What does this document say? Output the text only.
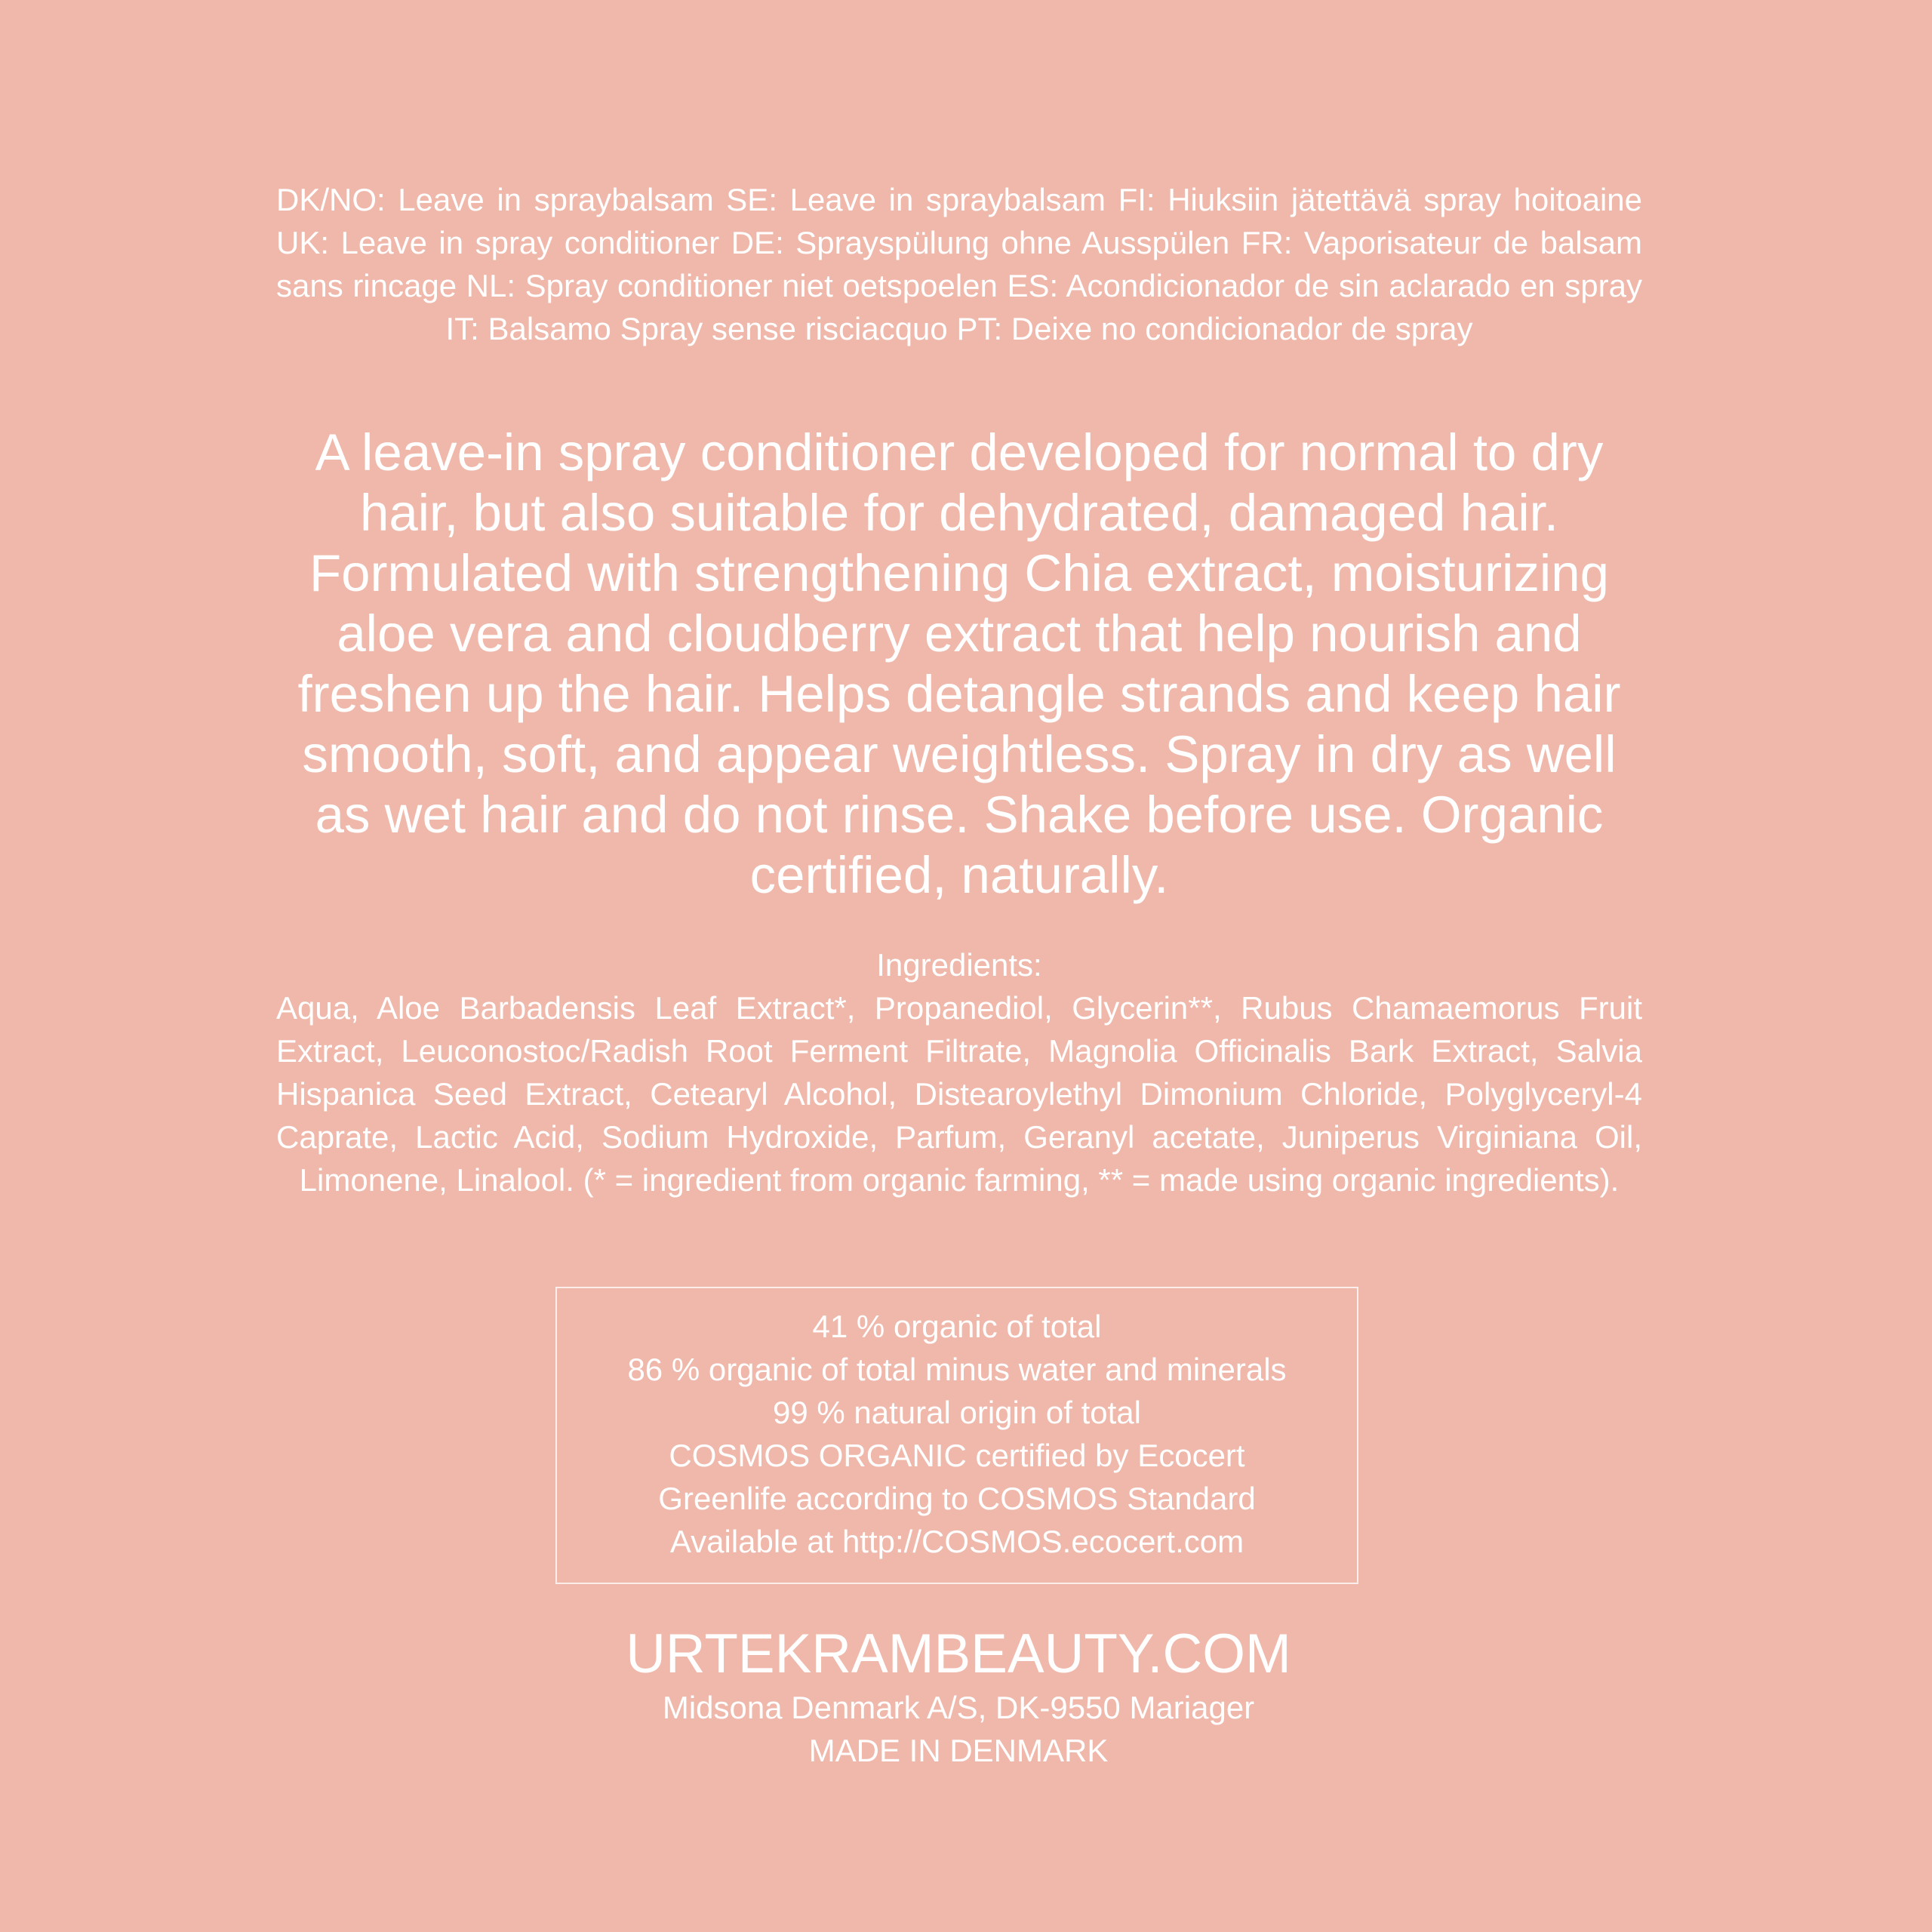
DK/NO: Leave in spraybalsam SE: Leave in spraybalsam FI: Hiuksiin jätettävä spray hoitoaine UK: Leave in spray conditioner DE: Sprayspülung ohne Ausspülen FR: Vaporisateur de balsam sans rincage NL: Spray conditioner niet oetspoelen ES: Acondicionador de sin aclarado en spray IT: Balsamo Spray sense risciacquo PT: Deixe no condicionador de spray

A leave-in spray conditioner developed for normal to dry hair, but also suitable for dehydrated, damaged hair. Formulated with strengthening Chia extract, moisturizing aloe vera and cloudberry extract that help nourish and freshen up the hair. Helps detangle strands and keep hair smooth, soft, and appear weightless. Spray in dry as well as wet hair and do not rinse. Shake before use. Organic certified, naturally.

Ingredients:

Aqua, Aloe Barbadensis Leaf Extract*, Propanediol, Glycerin**, Rubus Chamaemorus Fruit Extract, Leuconostoc/Radish Root Ferment Filtrate, Magnolia Officinalis Bark Extract, Salvia Hispanica Seed Extract, Cetearyl Alcohol, Distearoylethyl Dimonium Chloride, Polyglyceryl-4 Caprate, Lactic Acid, Sodium Hydroxide, Parfum, Geranyl acetate, Juniperus Virginiana Oil, Limonene, Linalool. (* = ingredient from organic farming, ** = made using organic ingredients).

41 % organic of total
86 % organic of total minus water and minerals
99 % natural origin of total
COSMOS ORGANIC certified by Ecocert
Greenlife according to COSMOS Standard
Available at http://COSMOS.ecocert.com
URTEKRAMBEAUTY.COM
Midsona Denmark A/S, DK-9550 Mariager
MADE IN DENMARK
